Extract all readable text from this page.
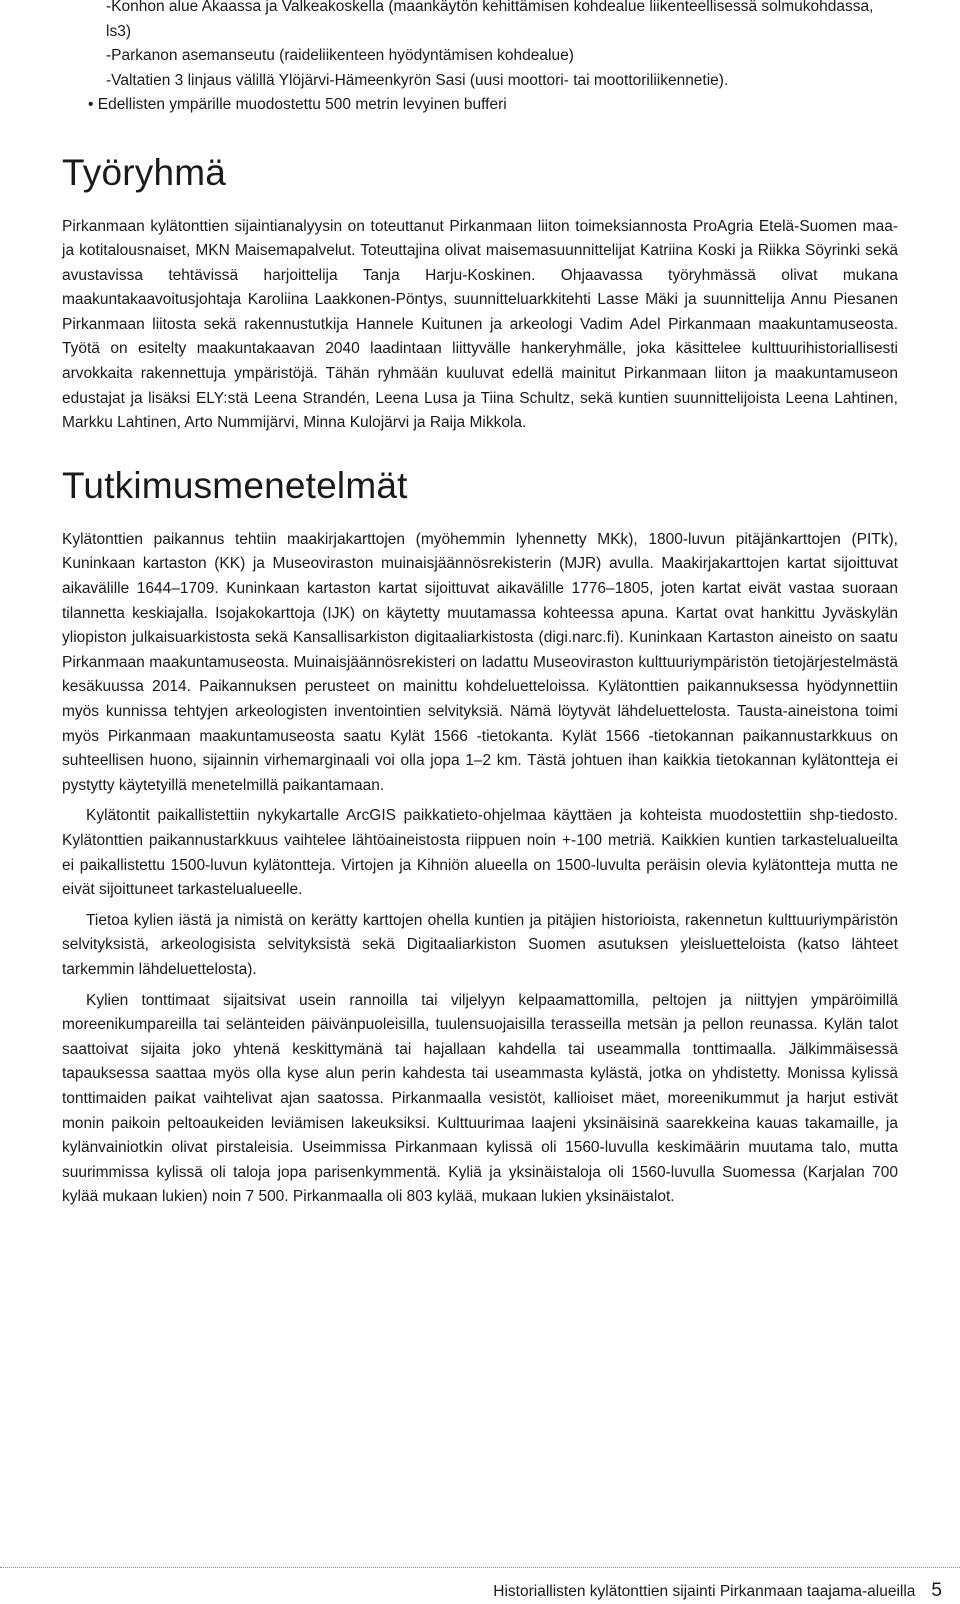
-Konhon alue Akaassa ja Valkeakoskella (maankäytön kehittämisen kohdealue liikenteellisessä solmukohdassa, ls3)

-Parkanon asemanseutu (raideliikenteen hyödyntämisen kohdealue)

-Valtatien 3 linjaus välillä Ylöjärvi-Hämeenkyrön Sasi (uusi moottori- tai moottoriliikennetie).

• Edellisten ympärille muodostettu 500 metrin levyinen bufferi

Työryhmä

Pirkanmaan kylätonttien sijaintianalyysin on toteuttanut Pirkanmaan liiton toimeksiannosta ProAgria Etelä-Suomen maa- ja kotitalousnaiset, MKN Maisemapalvelut. Toteuttajina olivat maisemasuunnittelijat Katriina Koski ja Riikka Söyrinki sekä avustavissa tehtävissä harjoittelija Tanja Harju-Koskinen. Ohjaavassa työryhmässä olivat mukana maakuntakaavoitusjohtaja Karoliina Laakkonen-Pöntys, suunnitteluarkkitehti Lasse Mäki ja suunnittelija Annu Piesanen Pirkanmaan liitosta sekä rakennustutkija Hannele Kuitunen ja arkeologi Vadim Adel Pirkanmaan maakuntamuseosta. Työtä on esitelty maakuntakaavan 2040 laadintaan liittyvälle hankeryhmälle, joka käsittelee kulttuurihistoriallisesti arvokkaita rakennettuja ympäristöjä. Tähän ryhmään kuuluvat edellä mainitut Pirkanmaan liiton ja maakuntamuseon edustajat ja lisäksi ELY:stä Leena Strandén, Leena Lusa ja Tiina Schultz, sekä kuntien suunnittelijoista Leena Lahtinen, Markku Lahtinen, Arto Nummijärvi, Minna Kulojärvi ja Raija Mikkola.

Tutkimusmenetelmät

Kylätonttien paikannus tehtiin maakirjakarttojen (myöhemmin lyhennetty MKk), 1800-luvun pitäjänkarttojen (PITk), Kuninkaan kartaston (KK) ja Museoviraston muinaisjäännösrekisterin (MJR) avulla. Maakirjakarttojen kartat sijoittuvat aikavälille 1644–1709. Kuninkaan kartaston kartat sijoittuvat aikavälille 1776–1805, joten kartat eivät vastaa suoraan tilannetta keskiajalla. Isojakokarttoja (IJK) on käytetty muutamassa kohteessa apuna. Kartat ovat hankittu Jyväskylän yliopiston julkaisuarkistosta sekä Kansallisarkiston digitaaliarkistosta (digi.narc.fi). Kuninkaan Kartaston aineisto on saatu Pirkanmaan maakuntamuseosta. Muinaisjäännösrekisteri on ladattu Museoviraston kulttuuriympäristön tietojärjestelmästä kesäkuussa 2014. Paikannuksen perusteet on mainittu kohdeluetteloissa. Kylätonttien paikannuksessa hyödynnettiin myös kunnissa tehtyjen arkeologisten inventointien selvityksiä. Nämä löytyvät lähdeluettelosta. Tausta-aineistona toimi myös Pirkanmaan maakuntamuseosta saatu Kylät 1566 -tietokanta. Kylät 1566 -tietokannan paikannustarkkuus on suhteellisen huono, sijainnin virhemarginaali voi olla jopa 1–2 km. Tästä johtuen ihan kaikkia tietokannan kylätontteja ei pystytty käytetyillä menetelmillä paikantamaan.

Kylätontit paikallistettiin nykykartalle ArcGIS paikkatieto-ohjelmaa käyttäen ja kohteista muodostettiin shp-tiedosto. Kylätonttien paikannustarkkuus vaihtelee lähtöaineistosta riippuen noin +-100 metriä. Kaikkien kuntien tarkastelualueilta ei paikallistettu 1500-luvun kylätontteja. Virtojen ja Kihniön alueella on 1500-luvulta peräisin olevia kylätontteja mutta ne eivät sijoittuneet tarkastelualueelle.

Tietoa kylien iästä ja nimistä on kerätty karttojen ohella kuntien ja pitäjien historioista, rakennetun kulttuuriympäristön selvityksistä, arkeologisista selvityksistä sekä Digitaaliarkiston Suomen asutuksen yleisluetteloista (katso lähteet tarkemmin lähdeluettelosta).

Kylien tonttimaat sijaitsivat usein rannoilla tai viljelyyn kelpaamattomilla, peltojen ja niittyjen ympäröimillä moreenikumpareilla tai selänteiden päivänpuoleisilla, tuulensuojaisilla terasseilla metsän ja pellon reunassa. Kylän talot saattoivat sijaita joko yhtenä keskittymänä tai hajallaan kahdella tai useammalla tonttimaalla. Jälkimmäisessä tapauksessa saattaa myös olla kyse alun perin kahdesta tai useammasta kylästä, jotka on yhdistetty. Monissa kylissä tonttimaiden paikat vaihtelivat ajan saatossa. Pirkanmaalla vesistöt, kallioiset mäet, moreenikummut ja harjut estivät monin paikoin peltoaukeiden leviämisen lakeuksiksi. Kulttuurimaa laajeni yksinäisinä saarekkeina kauas takamaille, ja kylänvainiotkin olivat pirstaleisia. Useimmissa Pirkanmaan kylissä oli 1560-luvulla keskimäärin muutama talo, mutta suurimmissa kylissä oli taloja jopa parisenkymmentä. Kyliä ja yksinäistaloja oli 1560-luvulla Suomessa (Karjalan 700 kylää mukaan lukien) noin 7 500. Pirkanmaalla oli 803 kylää, mukaan lukien yksinäistalot.

Historiallisten kylätonttien sijainti Pirkanmaan taajama-alueilla 5
